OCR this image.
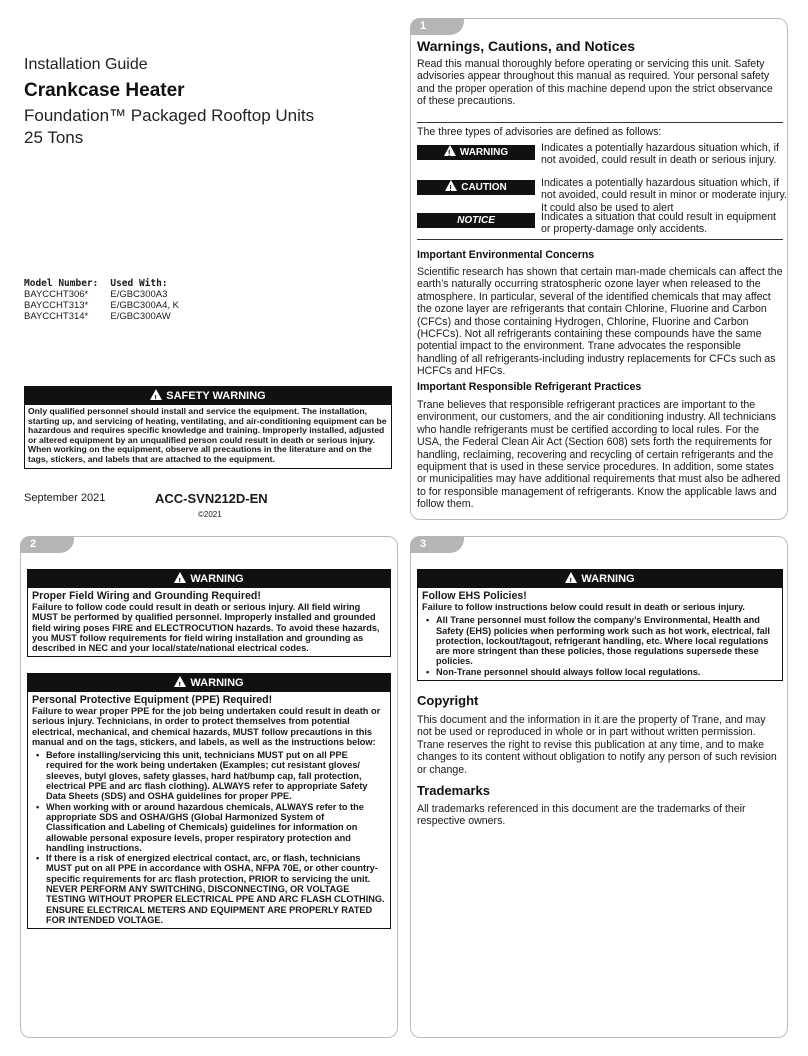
Installation Guide
Crankcase Heater
Foundation™ Packaged Rooftop Units
25 Tons
Model Number:	Used With:
BAYCCHT306*	E/GBC300A3
BAYCCHT313*	E/GBC300A4, K
BAYCCHT314*	E/GBC300AW
!SAFETY WARNING
Only qualified personnel should install and service the equipment. The installation, starting up, and servicing of heating, ventilating, and air-conditioning equipment can be hazardous and requires specific knowledge and training. Improperly installed, adjusted or altered equipment by an unqualified person could result in death or serious injury. When working on the equipment, observe all precautions in the literature and on the tags, stickers, and labels that are attached to the equipment.
September 2021	ACC-SVN212D-EN
©2021
1
Warnings, Cautions, and Notices
Read this manual thoroughly before operating or servicing this unit. Safety advisories appear throughout this manual as required. Your personal safety and the proper operation of this machine depend upon the strict observance of these precautions.
The three types of advisories are defined as follows:
!WARNING	Indicates a potentially hazardous situation which, if not avoided, could result in death or serious injury.
!CAUTION	Indicates a potentially hazardous situation which, if not avoided, could result in minor or moderate injury. It could also be used to alert
NOTICE	Indicates a situation that could result in equipment or property-damage only accidents.
Important Environmental Concerns
Scientific research has shown that certain man-made chemicals can affect the earth’s naturally occurring stratospheric ozone layer when released to the atmosphere. In particular, several of the identified chemicals that may affect the ozone layer are refrigerants that contain Chlorine, Fluorine and Carbon (CFCs) and those containing Hydrogen, Chlorine, Fluorine and Carbon (HCFCs). Not all refrigerants containing these compounds have the same potential impact to the environment. Trane advocates the responsible handling of all refrigerants-including industry replacements for CFCs such as HCFCs and HFCs.
Important Responsible Refrigerant Practices
Trane believes that responsible refrigerant practices are important to the environment, our customers, and the air conditioning industry. All technicians who handle refrigerants must be certified according to local rules. For the USA, the Federal Clean Air Act (Section 608) sets forth the requirements for handling, reclaiming, recovering and recycling of certain refrigerants and the equipment that is used in these service procedures. In addition, some states or municipalities may have additional requirements that must also be adhered to for responsible management of refrigerants. Know the applicable laws and follow them.
2
!WARNING
Proper Field Wiring and Grounding Required!
Failure to follow code could result in death or serious injury. All field wiring MUST be performed by qualified personnel. Improperly installed and grounded field wiring poses FIRE and ELECTROCUTION hazards. To avoid these hazards, you MUST follow requirements for field wiring installation and grounding as described in NEC and your local/state/national electrical codes.
!WARNING
Personal Protective Equipment (PPE) Required!
Failure to wear proper PPE for the job being undertaken could result in death or serious injury. Technicians, in order to protect themselves from potential electrical, mechanical, and chemical hazards, MUST follow precautions in this manual and on the tags, stickers, and labels, as well as the instructions below:
• Before installing/servicing this unit, technicians MUST put on all PPE required for the work being undertaken (Examples; cut resistant gloves/ sleeves, butyl gloves, safety glasses, hard hat/bump cap, fall protection, electrical PPE and arc flash clothing). ALWAYS refer to appropriate Safety Data Sheets (SDS) and OSHA guidelines for proper PPE.
• When working with or around hazardous chemicals, ALWAYS refer to the appropriate SDS and OSHA/GHS (Global Harmonized System of Classification and Labeling of Chemicals) guidelines for information on allowable personal exposure levels, proper respiratory protection and handling instructions.
• If there is a risk of energized electrical contact, arc, or flash, technicians MUST put on all PPE in accordance with OSHA, NFPA 70E, or other country-specific requirements for arc flash protection, PRIOR to servicing the unit. NEVER PERFORM ANY SWITCHING, DISCONNECTING, OR VOLTAGE TESTING WITHOUT PROPER ELECTRICAL PPE AND ARC FLASH CLOTHING. ENSURE ELECTRICAL METERS AND EQUIPMENT ARE PROPERLY RATED FOR INTENDED VOLTAGE.
3
!WARNING
Follow EHS Policies!
Failure to follow instructions below could result in death or serious injury.
• All Trane personnel must follow the company’s Environmental, Health and Safety (EHS) policies when performing work such as hot work, electrical, fall protection, lockout/tagout, refrigerant handling, etc. Where local regulations are more stringent than these policies, those regulations supersede these policies.
• Non-Trane personnel should always follow local regulations.
Copyright
This document and the information in it are the property of Trane, and may not be used or reproduced in whole or in part without written permission. Trane reserves the right to revise this publication at any time, and to make changes to its content without obligation to notify any person of such revision or change.
Trademarks
All trademarks referenced in this document are the trademarks of their respective owners.
